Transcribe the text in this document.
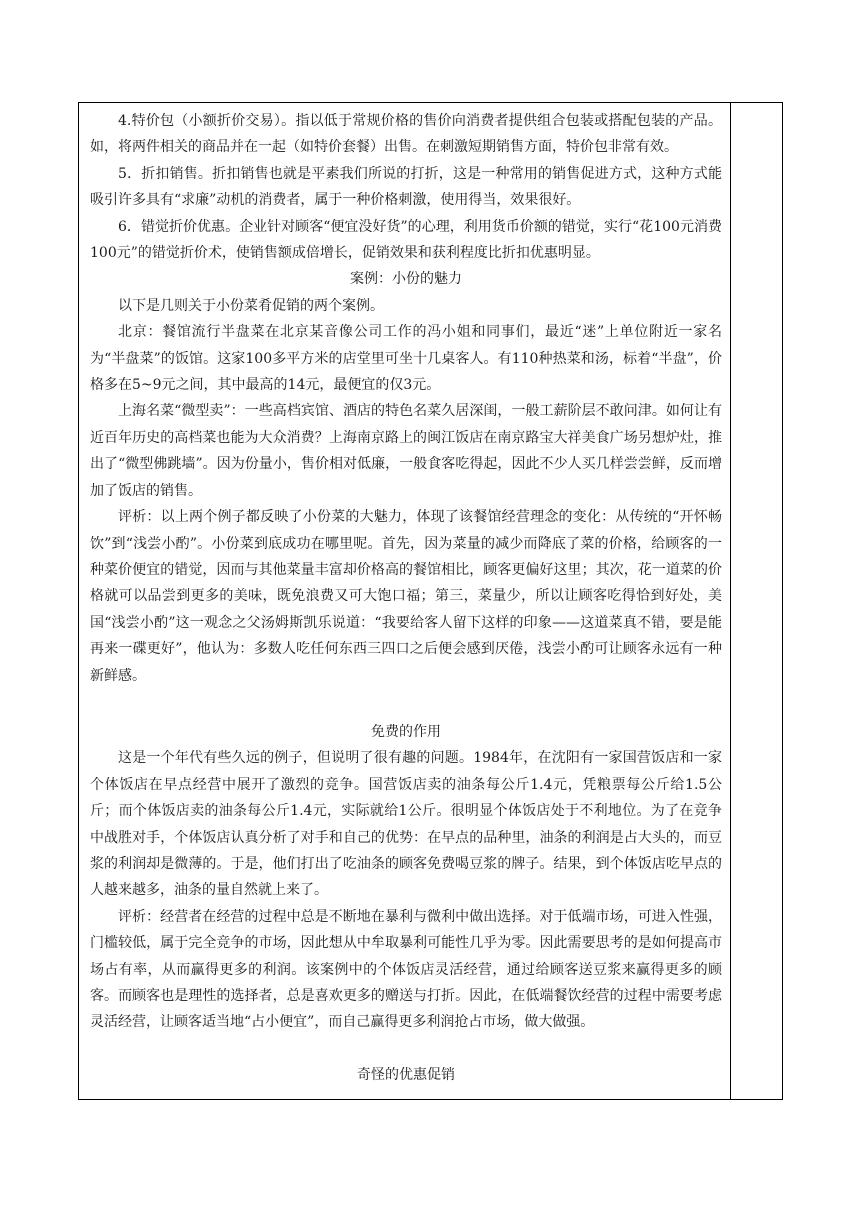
4.特价包（小额折价交易）。指以低于常规价格的售价向消费者提供组合包装或搭配包装的产品。如，将两件相关的商品并在一起（如特价套餐）出售。在刺激短期销售方面，特价包非常有效。

5．折扣销售。折扣销售也就是平素我们所说的打折，这是一种常用的销售促进方式，这种方式能吸引许多具有“求廉”动机的消费者，属于一种价格刺激，使用得当，效果很好。

6．错觉折价优惠。企业针对顾客“便宜没好货”的心理，利用货币价额的错觉，实行“花100元消费100元”的错觉折价术，使销售额成倍增长，促销效果和获利程度比折扣优惠明显。

案例：小份的魅力

以下是几则关于小份菜肴促销的两个案例。

北京：餐馆流行半盘菜在北京某音像公司工作的冯小姐和同事们，最近“迷”上单位附近一家名为“半盘菜”的饭馆。这家100多平方米的店堂里可坐十几桌客人。有110种热菜和汤，标着“半盘”，价格多在5~9元之间，其中最高的14元，最便宜的仅3元。

上海名菜“微型卖”：一些高档宾馆、酒店的特色名菜久居深闺，一般工薪阶层不敢问津。如何让有近百年历史的高档菜也能为大众消费？上海南京路上的闽江饭店在南京路宝大祥美食广场另想炉灶，推出了“微型佛跳墙”。因为份量小，售价相对低廉，一般食客吃得起，因此不少人买几样尝尝鲜，反而增加了饭店的销售。

评析：以上两个例子都反映了小份菜的大魅力，体现了该餐馆经营理念的变化：从传统的“开怀畅饮”到“浅尝小酌”。小份菜到底成功在哪里呢。首先，因为菜量的减少而降底了菜的价格，给顾客的一种菜价便宜的错觉，因而与其他菜量丰富却价格高的餐馆相比，顾客更偏好这里；其次，花一道菜的价格就可以品尝到更多的美味，既免浪费又可大饱口福；第三，菜量少，所以让顾客吃得恰到好处，美国“浅尝小酌”这一观念之父汤姆斯凯乐说道：“我要给客人留下这样的印象——这道菜真不错，要是能再来一碟更好”，他认为：多数人吃任何东西三四口之后便会感到厌倦，浅尝小酌可让顾客永远有一种新鲜感。

免费的作用

这是一个年代有些久远的例子，但说明了很有趣的问题。1984年，在沈阳有一家国营饭店和一家个体饭店在早点经营中展开了激烈的竞争。国营饭店卖的油条每公斤1.4元，凭粮票每公斤给1.5公斤；而个体饭店卖的油条每公斤1.4元，实际就给1公斤。很明显个体饭店处于不利地位。为了在竞争中战胜对手，个体饭店认真分析了对手和自己的优势：在早点的品种里，油条的利润是占大头的，而豆浆的利润却是微薄的。于是，他们打出了吃油条的顾客免费喝豆浆的牌子。结果，到个体饭店吃早点的人越来越多，油条的量自然就上来了。

评析：经营者在经营的过程中总是不断地在暴利与微利中做出选择。对于低端市场，可进入性强，门槛较低，属于完全竞争的市场，因此想从中牟取暴利可能性几乎为零。因此需要思考的是如何提高市场占有率，从而赢得更多的利润。该案例中的个体饭店灵活经营，通过给顾客送豆浆来赢得更多的顾客。而顾客也是理性的选择者，总是喜欢更多的赠送与打折。因此，在低端餐饮经营的过程中需要考虑灵活经营，让顾客适当地“占小便宜”，而自己赢得更多利润抢占市场，做大做强。

奇怪的优惠促销
